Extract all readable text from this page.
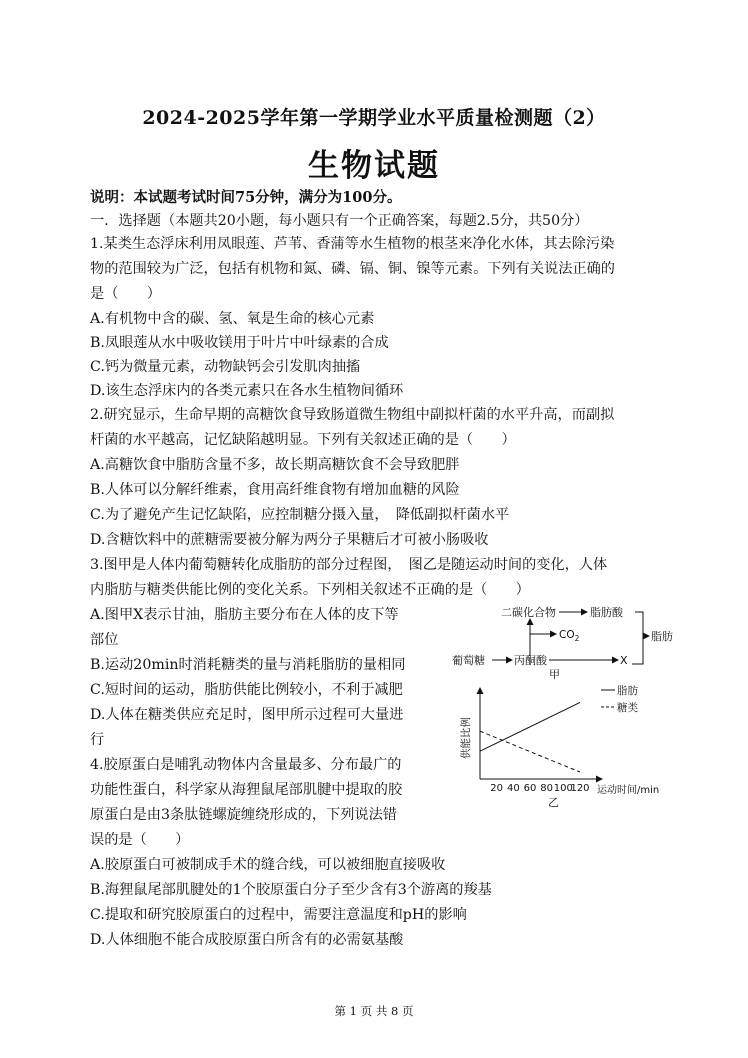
2024-2025学年第一学期学业水平质量检测题（2）
生物试题
说明：本试题考试时间75分钟，满分为100分。
一．选择题（本题共20小题，每小题只有一个正确答案，每题2.5分，共50分）
1.某类生态浮床利用凤眼莲、芦苇、香蒲等水生植物的根茎来净化水体，其去除污染
物的范围较为广泛，包括有机物和氮、磷、镉、铜、镍等元素。下列有关说法正确的
是（　　）
A.有机物中含的碳、氢、氧是生命的核心元素
B.凤眼莲从水中吸收镁用于叶片中叶绿素的合成
C.钙为微量元素，动物缺钙会引发肌肉抽搐
D.该生态浮床内的各类元素只在各水生植物间循环
2.研究显示，生命早期的高糖饮食导致肠道微生物组中副拟杆菌的水平升高，而副拟
杆菌的水平越高，记忆缺陷越明显。下列有关叙述正确的是（　　）
A.高糖饮食中脂肪含量不多，故长期高糖饮食不会导致肥胖
B.人体可以分解纤维素，食用高纤维食物有增加血糖的风险
C.为了避免产生记忆缺陷，应控制糖分摄入量，　降低副拟杆菌水平
D.含糖饮料中的蔗糖需要被分解为两分子果糖后才可被小肠吸收
3.图甲是人体内葡萄糖转化成脂肪的部分过程图，　图乙是随运动时间的变化，人体
内脂肪与糖类供能比例的变化关系。下列相关叙述不正确的是（　　）
A.图甲X表示甘油，脂肪主要分布在人体的皮下等
部位
B.运动20min时消耗糖类的量与消耗脂肪的量相同
C.短时间的运动，脂肪供能比例较小，不利于减肥
D.人体在糖类供应充足时，图甲所示过程可大量进
行
4.胶原蛋白是哺乳动物体内含量最多、分布最广的
功能性蛋白，科学家从海狸鼠尾部肌腱中提取的胶
原蛋白是由3条肽链螺旋缠绕形成的，下列说法错
误的是（　　）
A.胶原蛋白可被制成手术的缝合线，可以被细胞直接吸收
B.海狸鼠尾部肌腱处的1个胶原蛋白分子至少含有3个游离的羧基
C.提取和研究胶原蛋白的过程中，需要注意温度和pH的影响
D.人体细胞不能合成胶原蛋白所含有的必需氨基酸
二碳化合物	脂肪酸
脂肪
$CO_2$
葡萄糖	丙酮酸	X
甲
供能比例
20 40 60 80 100
120 运动时间/min
乙
脂肪
糖类
第 1 页 共 8 页
